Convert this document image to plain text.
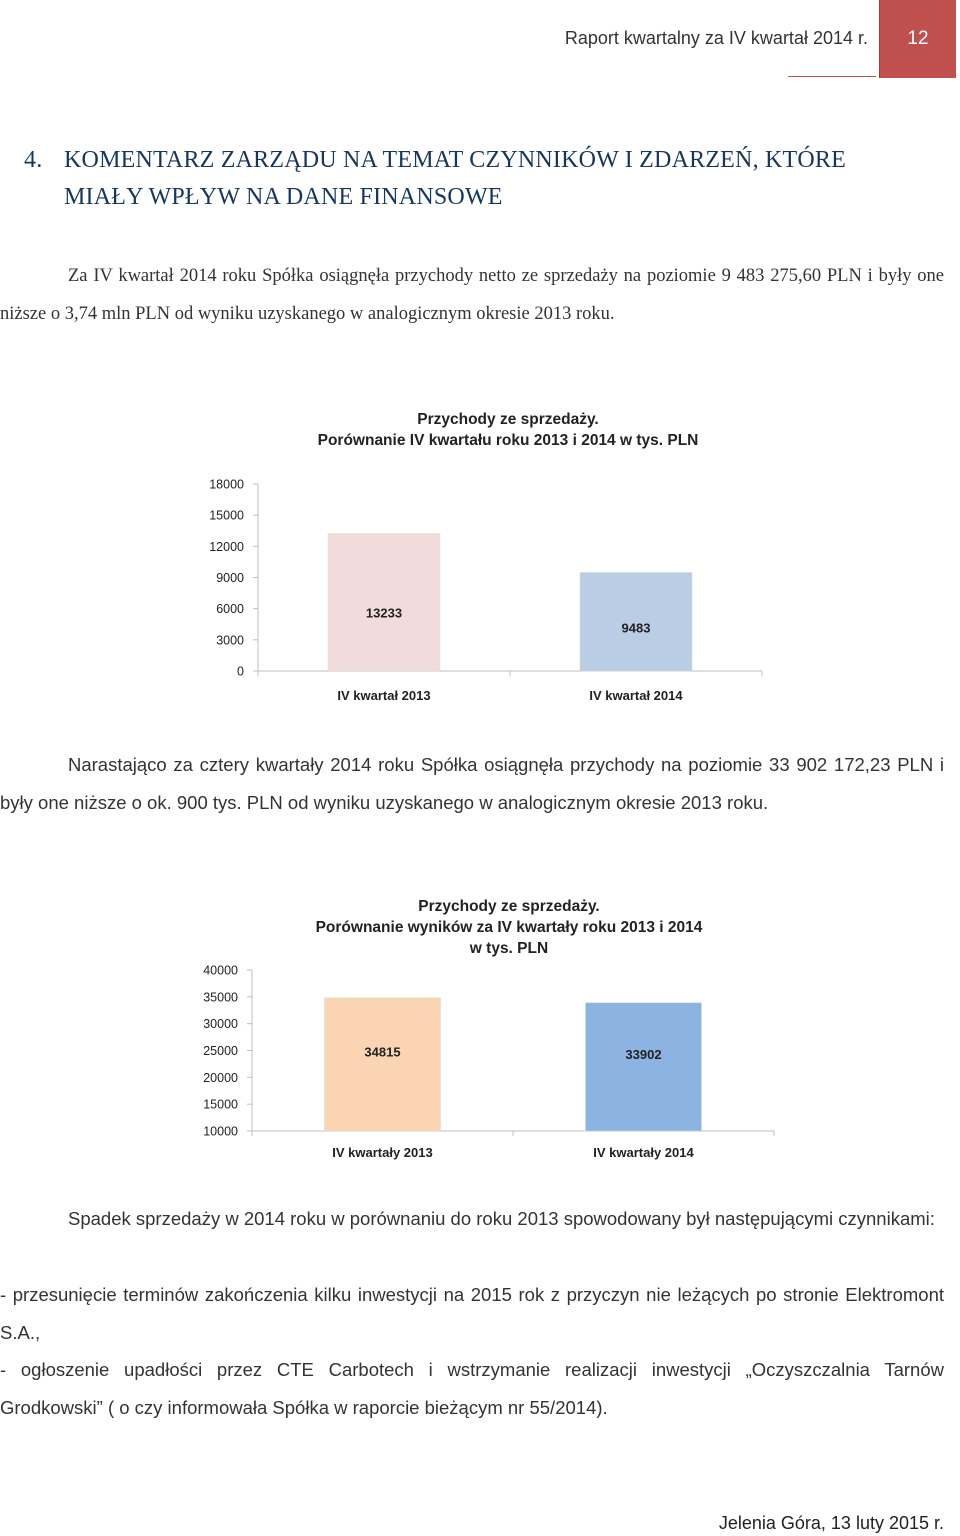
Raport kwartalny za IV kwartał 2014 r.	12
4. KOMENTARZ ZARZĄDU NA TEMAT CZYNNIKÓW I ZDARZEŃ, KTÓRE
MIAŁY WPŁYW NA DANE FINANSOWE
Za IV kwartał 2014 roku Spółka osiągnęła przychody netto ze sprzedaży na poziomie 9 483 275,60 PLN i były one niższe o 3,74 mln PLN od wyniku uzyskanego w analogicznym okresie 2013 roku.
Przychody ze sprzedaży.
Porównanie IV kwartału roku 2013 i 2014 w tys. PLN
18000
15000
12000
9000
6000
3000
0
13233
IV kwartał 2013
9483
IV kwartał 2014
Narastająco za cztery kwartały 2014 roku Spółka osiągnęła przychody na poziomie 33 902 172,23 PLN i były one niższe o ok. 900 tys. PLN od wyniku uzyskanego w analogicznym okresie 2013 roku.
Przychody ze sprzedaży.
Porównanie wyników za IV kwartały roku 2013 i 2014
w tys. PLN
40000
35000
30000
25000
20000
15000
10000
34815
IV kwartały 2013
33902
IV kwartały 2014
Spadek sprzedaży w 2014 roku w porównaniu do roku 2013 spowodowany był następującymi czynnikami:
- przesunięcie terminów zakończenia kilku inwestycji na 2015 rok z przyczyn nie leżących po stronie Elektromont S.A.,
- ogłoszenie upadłości przez CTE Carbotech i wstrzymanie realizacji inwestycji „Oczyszczalnia Tarnów Grodkowski” ( o czy informowała Spółka w raporcie bieżącym nr 55/2014).
Jelenia Góra, 13 luty 2015 r.
